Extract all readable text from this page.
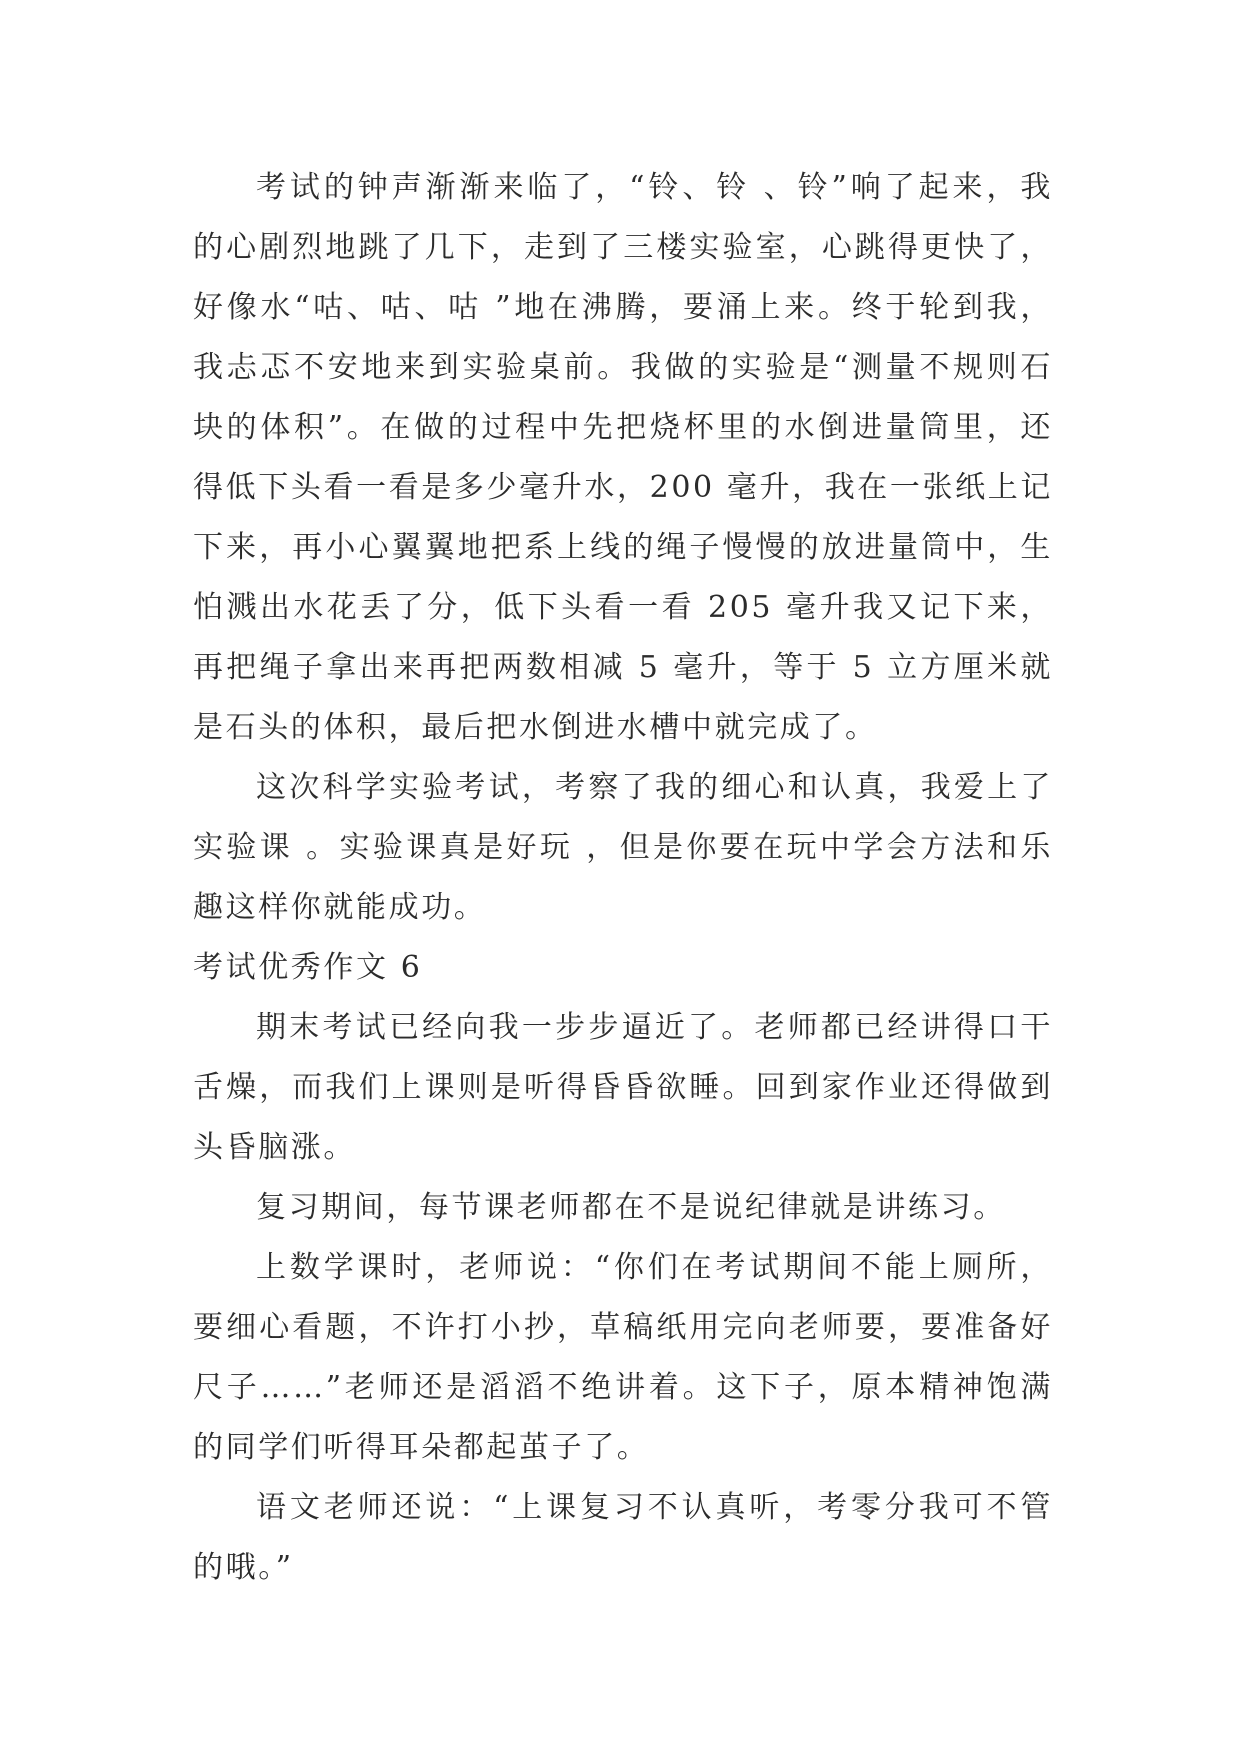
考试的钟声渐渐来临了，“铃、铃 、铃”响了起来，我的心剧烈地跳了几下，走到了三楼实验室，心跳得更快了，好像水“咕、咕、咕 ”地在沸腾，要涌上来。终于轮到我，我忐忑不安地来到实验桌前。我做的实验是“测量不规则石块的体积”。在做的过程中先把烧杯里的水倒进量筒里，还得低下头看一看是多少毫升水，200 毫升，我在一张纸上记下来，再小心翼翼地把系上线的绳子慢慢的放进量筒中，生怕溅出水花丢了分，低下头看一看 205 毫升我又记下来，再把绳子拿出来再把两数相减 5 毫升，等于 5 立方厘米就是石头的体积，最后把水倒进水槽中就完成了。

这次科学实验考试，考察了我的细心和认真，我爱上了实验课 。实验课真是好玩 ，但是你要在玩中学会方法和乐趣这样你就能成功。

考试优秀作文 6

期末考试已经向我一步步逼近了。老师都已经讲得口干舌燥，而我们上课则是听得昏昏欲睡。回到家作业还得做到头昏脑涨。

复习期间，每节课老师都在不是说纪律就是讲练习。

上数学课时，老师说：“你们在考试期间不能上厕所，要细心看题，不许打小抄，草稿纸用完向老师要，要准备好尺子……”老师还是滔滔不绝讲着。这下子，原本精神饱满的同学们听得耳朵都起茧子了。

语文老师还说：“上课复习不认真听，考零分我可不管的哦。”
